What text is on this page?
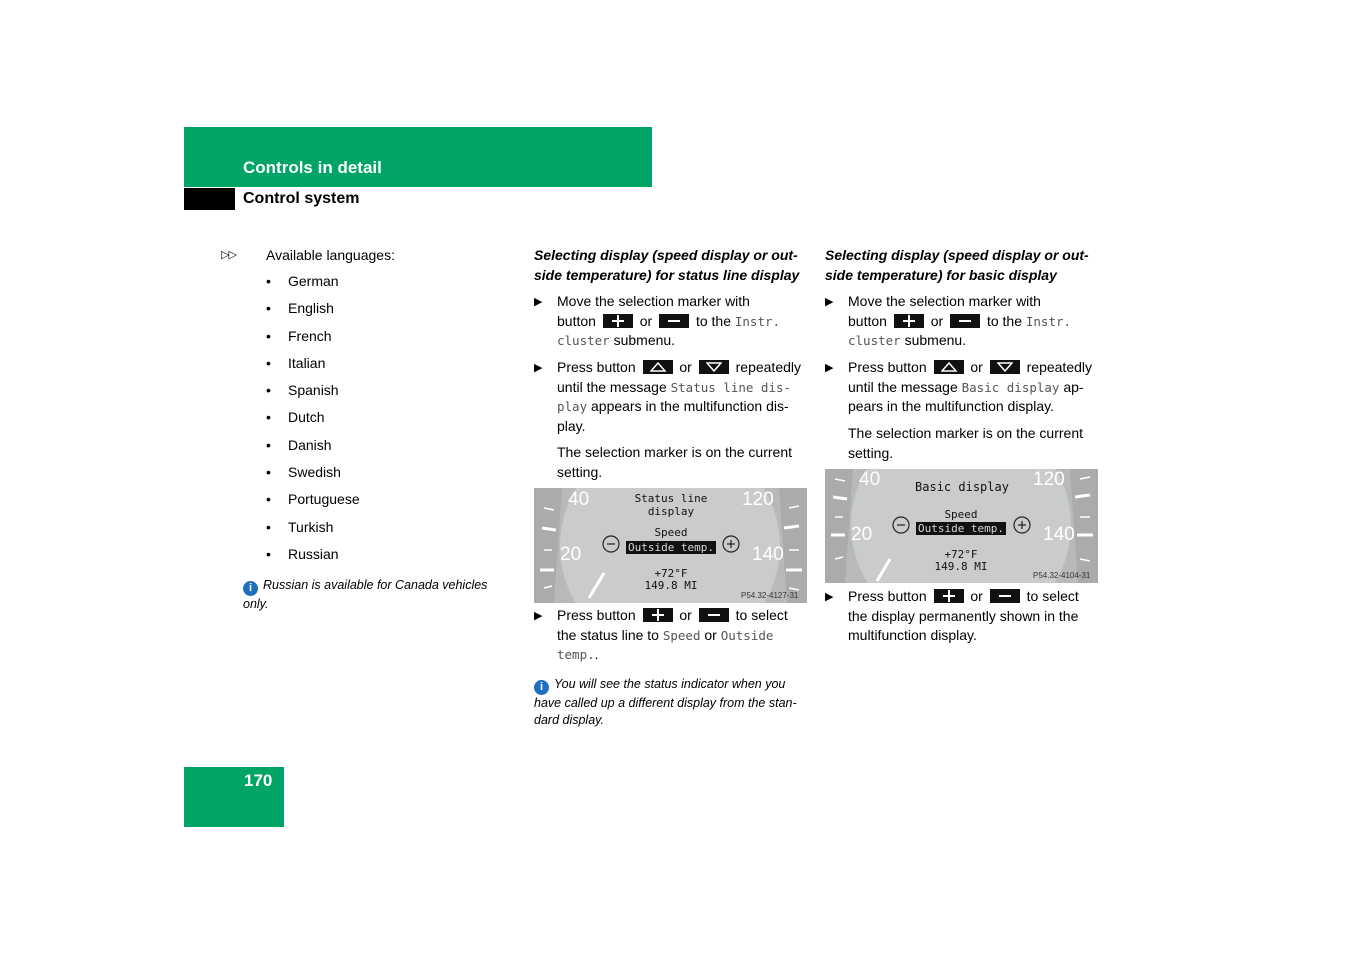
Controls in detail
Control system
▷▷ Available languages:
• German
• English
• French
• Italian
• Spanish
• Dutch
• Danish
• Swedish
• Portuguese
• Turkish
• Russian
i Russian is available for Canada vehicles only.
Selecting display (speed display or out-
side temperature) for status line display
▶ Move the selection marker with
button	or	to the Instr.
cluster submenu.
▶ Press button	or	repeatedly
until the message Status line dis-
play appears in the multifunction dis-
play.
The selection marker is on the current
setting.
40
20
120
140
Status line
display
Speed
Outside temp.
+72°F
149.8 MI
P54.32-4127-31
▶ Press button	or	to select
the status line to Speed or Outside
temp..
i You will see the status indicator when you
have called up a different display from the stan-
dard display.
Selecting display (speed display or out-
side temperature) for basic display
▶ Move the selection marker with
button	or	to the Instr.
cluster submenu.
▶ Press button	or	repeatedly
until the message Basic display ap-
pears in the multifunction display.
The selection marker is on the current
setting.
40
20
120
140
Basic display
Speed
Outside temp.
+72°F
149.8 MI
P54.32-4104-31
▶ Press button	or	to select
the display permanently shown in the
multifunction display.
170
